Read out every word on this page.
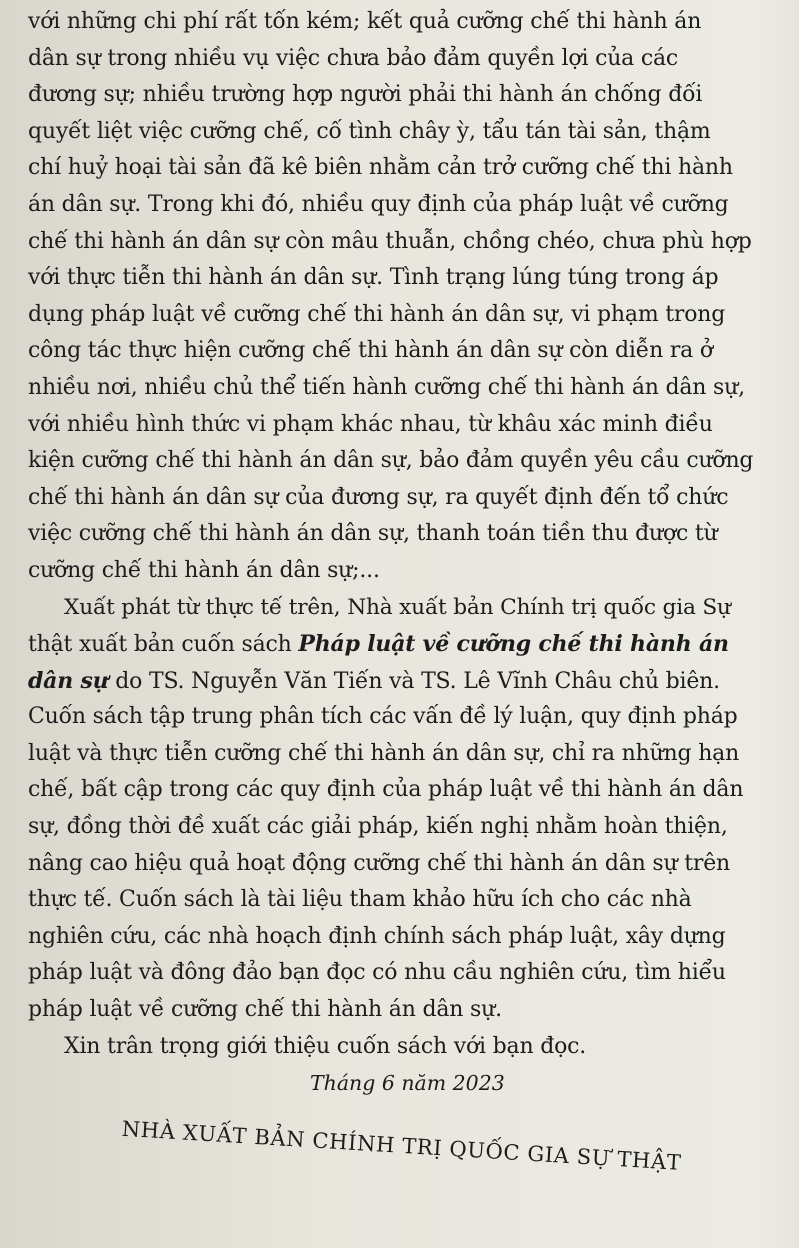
với những chi phí rất tốn kém; kết quả cưỡng chế thi hành án
dân sự trong nhiều vụ việc chưa bảo đảm quyền lợi của các
đương sự; nhiều trường hợp người phải thi hành án chống đối
quyết liệt việc cưỡng chế, cố tình chây ỳ, tẩu tán tài sản, thậm
chí huỷ hoại tài sản đã kê biên nhằm cản trở cưỡng chế thi hành
án dân sự. Trong khi đó, nhiều quy định của pháp luật về cưỡng
chế thi hành án dân sự còn mâu thuẫn, chồng chéo, chưa phù hợp
với thực tiễn thi hành án dân sự. Tình trạng lúng túng trong áp
dụng pháp luật về cưỡng chế thi hành án dân sự, vi phạm trong
công tác thực hiện cưỡng chế thi hành án dân sự còn diễn ra ở
nhiều nơi, nhiều chủ thể tiến hành cưỡng chế thi hành án dân sự,
với nhiều hình thức vi phạm khác nhau, từ khâu xác minh điều
kiện cưỡng chế thi hành án dân sự, bảo đảm quyền yêu cầu cưỡng
chế thi hành án dân sự của đương sự, ra quyết định đến tổ chức
việc cưỡng chế thi hành án dân sự, thanh toán tiền thu được từ
cưỡng chế thi hành án dân sự;...
Xuất phát từ thực tế trên, Nhà xuất bản Chính trị quốc gia Sự
thật xuất bản cuốn sách Pháp luật về cưỡng chế thi hành án
dân sự do TS. Nguyễn Văn Tiến và TS. Lê Vĩnh Châu chủ biên.
Cuốn sách tập trung phân tích các vấn đề lý luận, quy định pháp
luật và thực tiễn cưỡng chế thi hành án dân sự, chỉ ra những hạn
chế, bất cập trong các quy định của pháp luật về thi hành án dân
sự, đồng thời đề xuất các giải pháp, kiến nghị nhằm hoàn thiện,
nâng cao hiệu quả hoạt động cưỡng chế thi hành án dân sự trên
thực tế. Cuốn sách là tài liệu tham khảo hữu ích cho các nhà
nghiên cứu, các nhà hoạch định chính sách pháp luật, xây dựng
pháp luật và đông đảo bạn đọc có nhu cầu nghiên cứu, tìm hiểu
pháp luật về cưỡng chế thi hành án dân sự.
Xin trân trọng giới thiệu cuốn sách với bạn đọc.
Tháng 6 năm 2023
NHÀ XUẤT BẢN CHÍNH TRỊ QUỐC GIA SỰ THẬT
